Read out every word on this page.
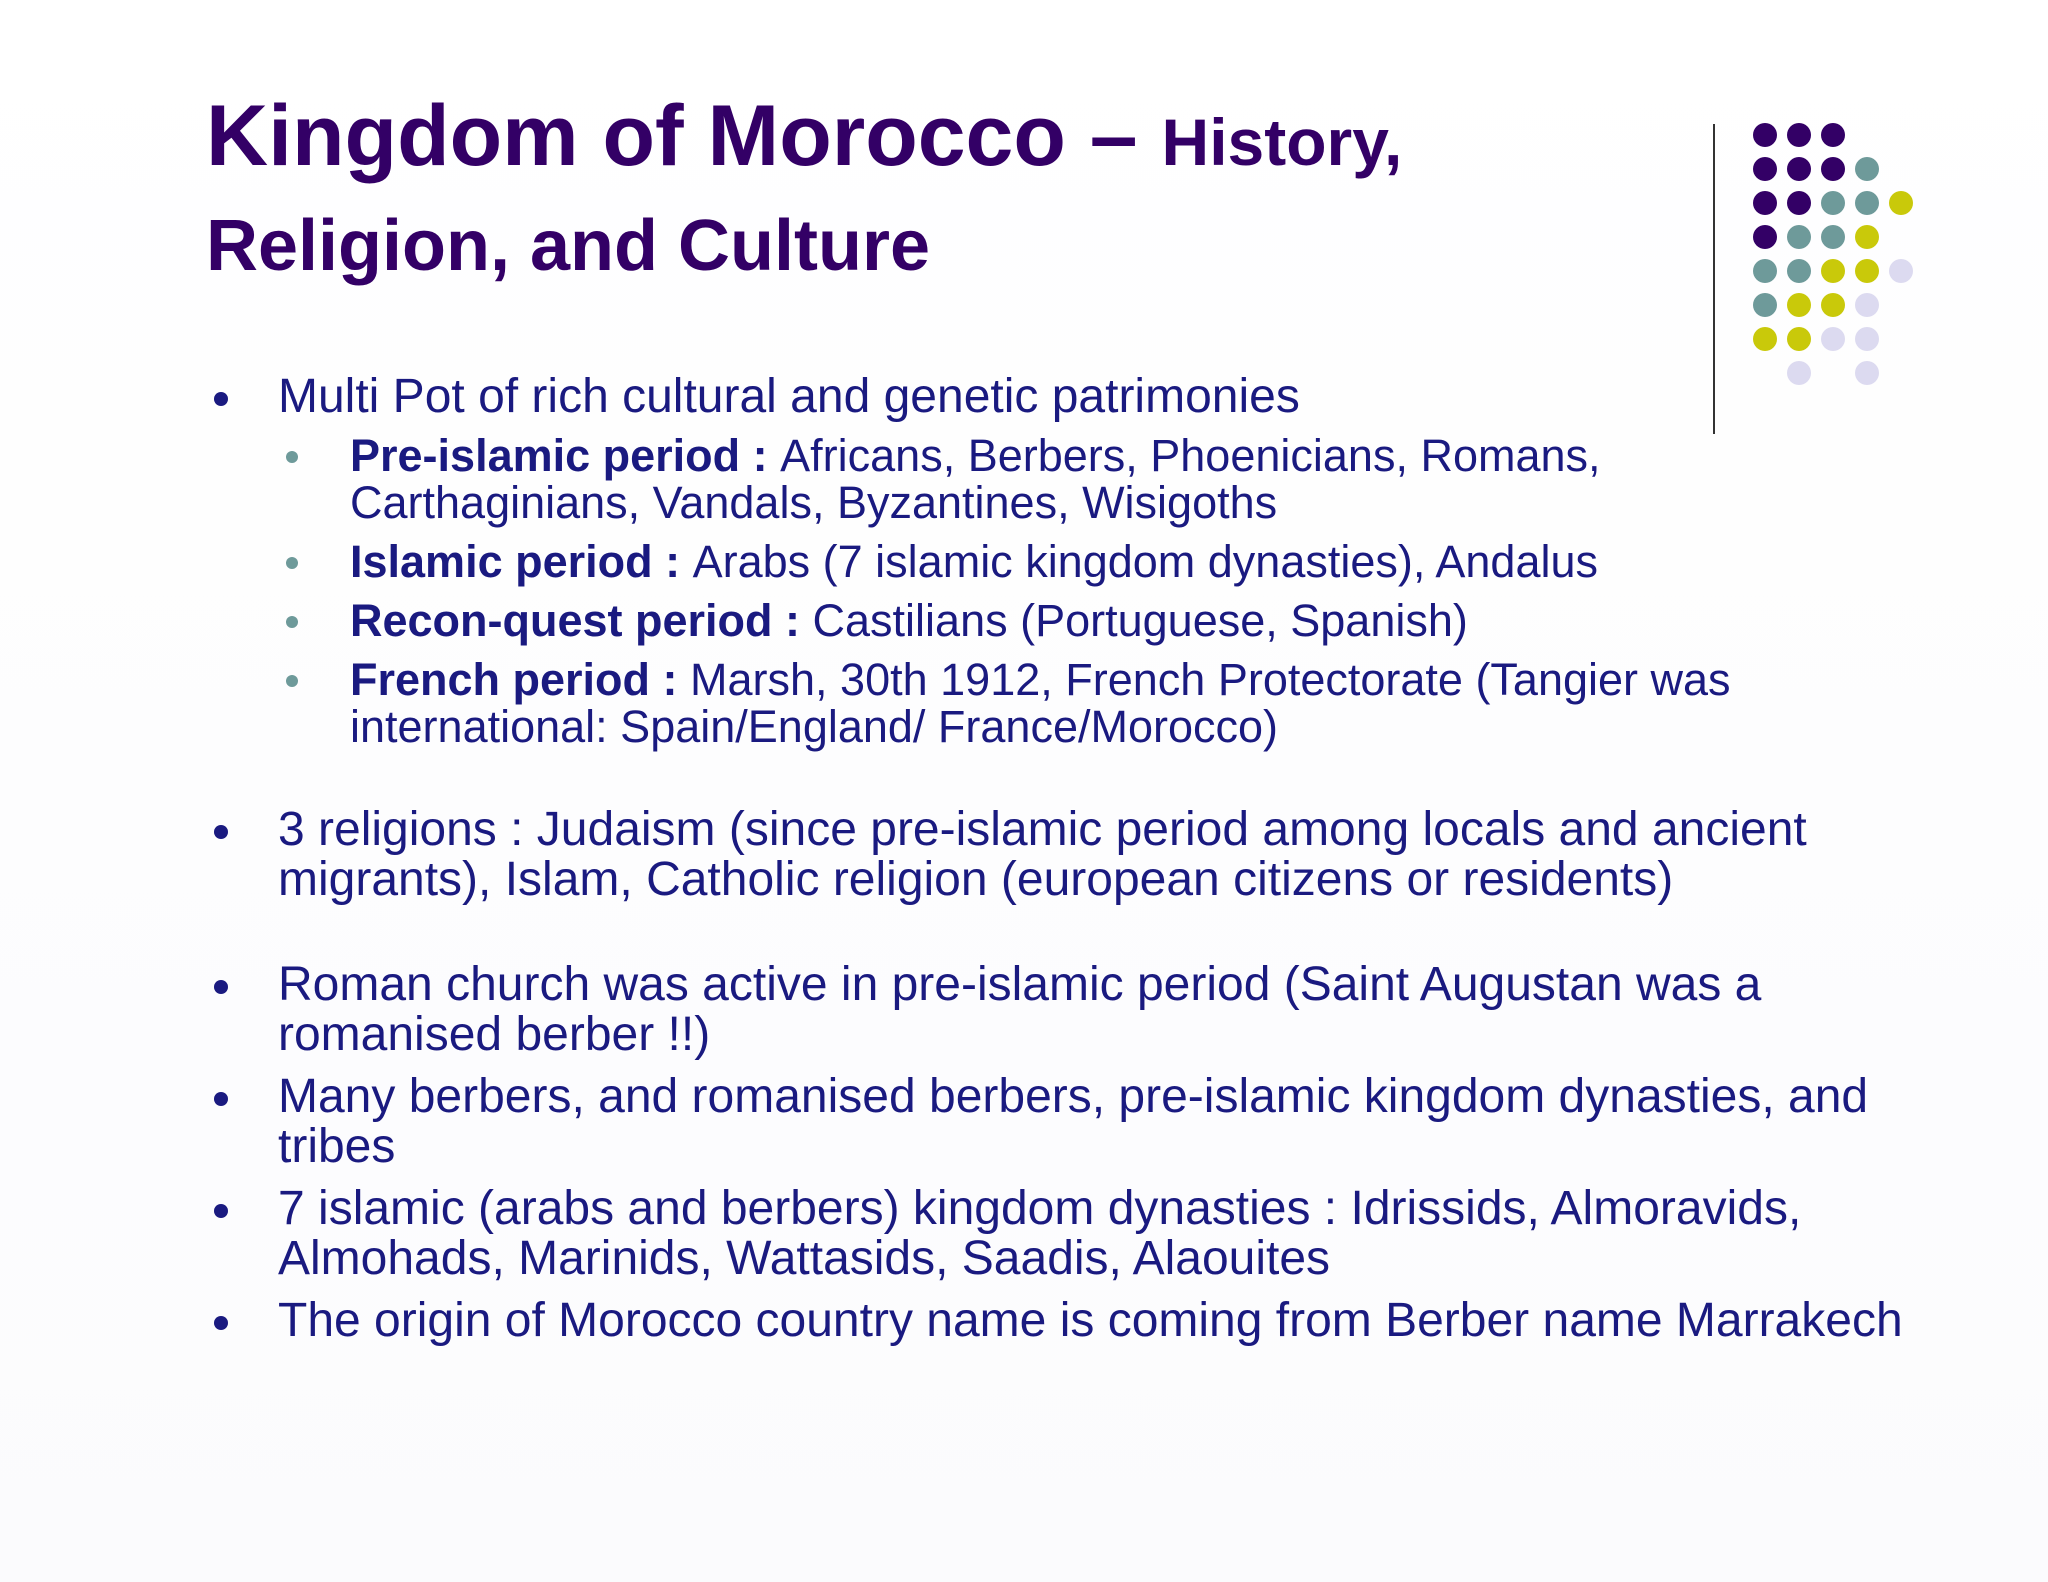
Kingdom of Morocco – History,
Religion, and Culture
Multi Pot of rich cultural and genetic patrimonies
Pre-islamic period : Africans, Berbers, Phoenicians, Romans, Carthaginians, Vandals, Byzantines, Wisigoths
Islamic period : Arabs (7 islamic kingdom dynasties), Andalus
Recon-quest period : Castilians (Portuguese, Spanish)
French period : Marsh, 30th 1912, French Protectorate (Tangier was international: Spain/England/ France/Morocco)
3 religions : Judaism (since pre-islamic period among locals and ancient migrants), Islam, Catholic religion (european citizens or residents)
Roman church was active in pre-islamic period (Saint Augustan was a romanised berber !!)
Many berbers, and romanised berbers, pre-islamic kingdom dynasties, and tribes
7 islamic (arabs and berbers) kingdom dynasties : Idrissids, Almoravids, Almohads, Marinids, Wattasids, Saadis, Alaouites
The origin of Morocco country name is coming from Berber name Marrakech
